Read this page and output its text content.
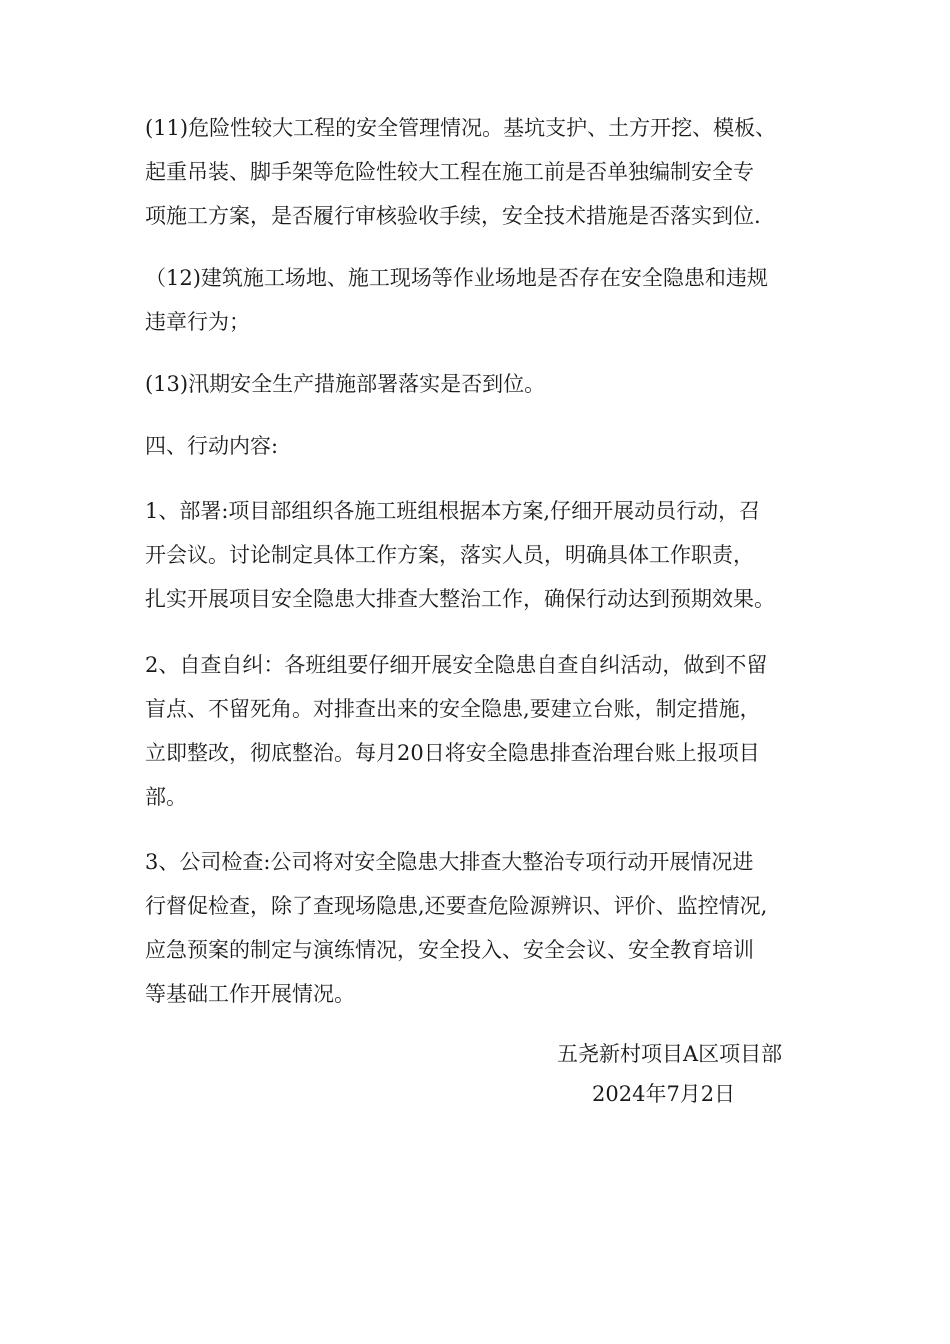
(11)危险性较大工程的安全管理情况。基坑支护、土方开挖、模板、
起重吊装、脚手架等危险性较大工程在施工前是否单独编制安全专
项施工方案，是否履行审核验收手续，安全技术措施是否落实到位.
（12)建筑施工场地、施工现场等作业场地是否存在安全隐患和违规
违章行为；
(13)汛期安全生产措施部署落实是否到位。
四、行动内容:
1、部署:项目部组织各施工班组根据本方案,仔细开展动员行动，召
开会议。讨论制定具体工作方案，落实人员，明确具体工作职责，
扎实开展项目安全隐患大排查大整治工作，确保行动达到预期效果。
2、自查自纠：各班组要仔细开展安全隐患自查自纠活动，做到不留
盲点、不留死角。对排查出来的安全隐患,要建立台账，制定措施，
立即整改，彻底整治。每月20日将安全隐患排查治理台账上报项目
部。
3、公司检查:公司将对安全隐患大排查大整治专项行动开展情况进
行督促检查，除了查现场隐患,还要查危险源辨识、评价、监控情况,
应急预案的制定与演练情况，安全投入、安全会议、安全教育培训
等基础工作开展情况。
五尧新村项目A区项目部
2024年7月2日
